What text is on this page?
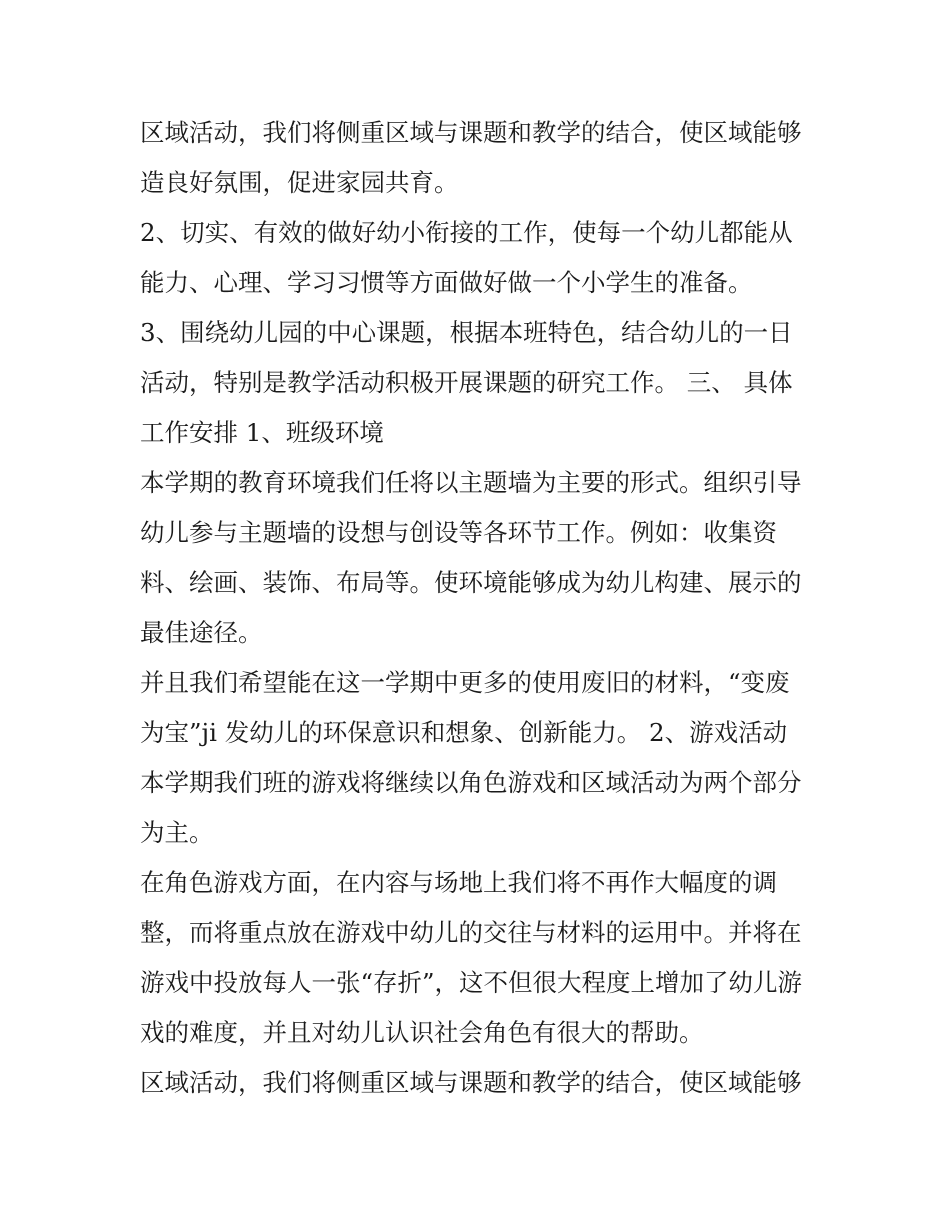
区域活动，我们将侧重区域与课题和教学的结合，使区域能够
造良好氛围，促进家园共育。
2、切实、有效的做好幼小衔接的工作，使每一个幼儿都能从
能力、心理、学习习惯等方面做好做一个小学生的准备。
3、围绕幼儿园的中心课题，根据本班特色，结合幼儿的一日
活动，特别是教学活动积极开展课题的研究工作。 三、 具体
工作安排 1、班级环境
本学期的教育环境我们任将以主题墙为主要的形式。组织引导
幼儿参与主题墙的设想与创设等各环节工作。例如：收集资
料、绘画、装饰、布局等。使环境能够成为幼儿构建、展示的
最佳途径。
并且我们希望能在这一学期中更多的使用废旧的材料，“变废
为宝”ji 发幼儿的环保意识和想象、创新能力。 2、游戏活动
本学期我们班的游戏将继续以角色游戏和区域活动为两个部分
为主。
在角色游戏方面，在内容与场地上我们将不再作大幅度的调
整，而将重点放在游戏中幼儿的交往与材料的运用中。并将在
游戏中投放每人一张“存折”，这不但很大程度上增加了幼儿游
戏的难度，并且对幼儿认识社会角色有很大的帮助。
区域活动，我们将侧重区域与课题和教学的结合，使区域能够
